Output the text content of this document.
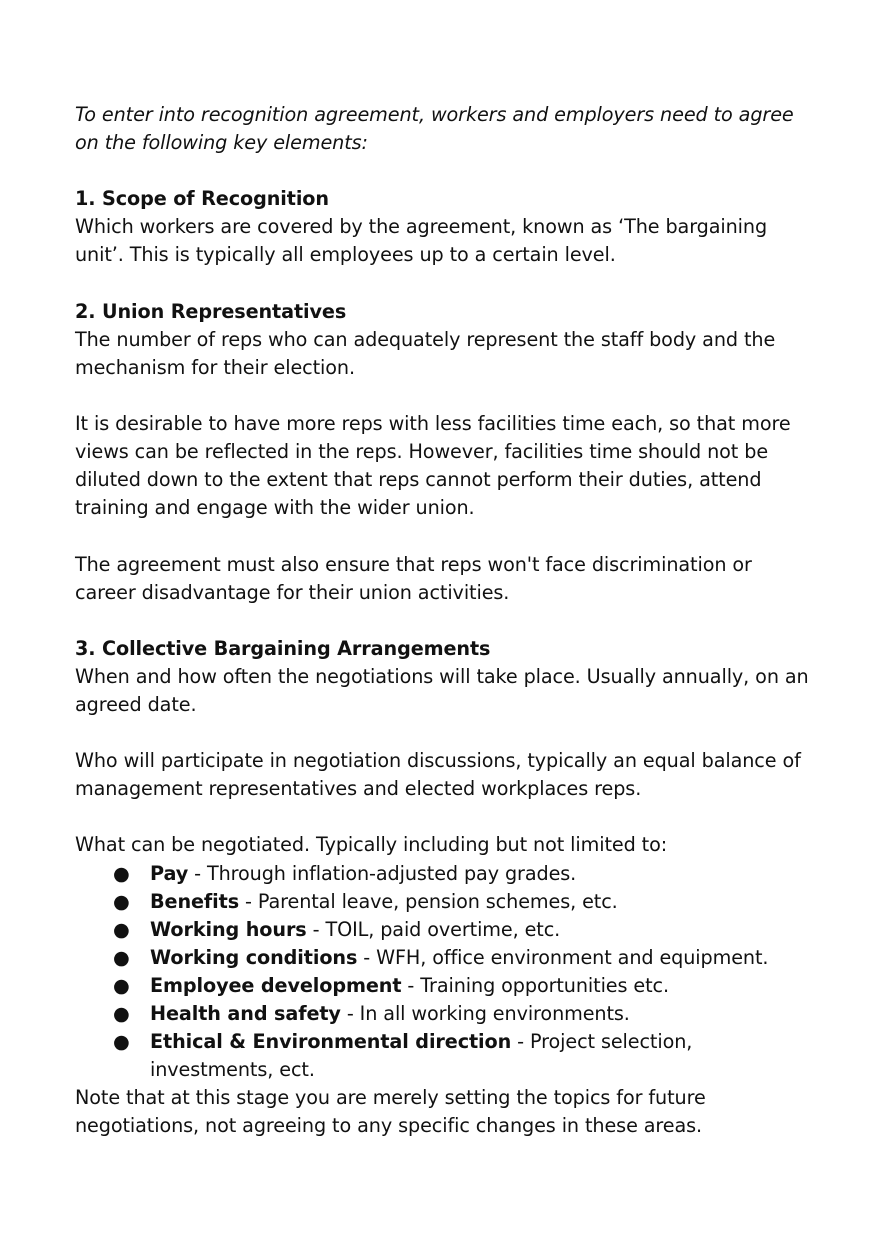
To enter into recognition agreement, workers and employers need to agree on the following key elements:

1. Scope of Recognition

Which workers are covered by the agreement, known as ‘The bargaining unit’. This is typically all employees up to a certain level.

2. Union Representatives

The number of reps who can adequately represent the staff body and the mechanism for their election.

It is desirable to have more reps with less facilities time each, so that more views can be reflected in the reps. However, facilities time should not be diluted down to the extent that reps cannot perform their duties, attend training and engage with the wider union.

The agreement must also ensure that reps won't face discrimination or career disadvantage for their union activities.

3. Collective Bargaining Arrangements

When and how often the negotiations will take place. Usually annually, on an agreed date.

Who will participate in negotiation discussions, typically an equal balance of management representatives and elected workplaces reps.

What can be negotiated. Typically including but not limited to:

● Pay - Through inflation-adjusted pay grades.
● Benefits - Parental leave, pension schemes, etc.
● Working hours - TOIL, paid overtime, etc.
● Working conditions - WFH, office environment and equipment.
● Employee development - Training opportunities etc.
● Health and safety - In all working environments.
● Ethical & Environmental direction - Project selection, investments, ect.

Note that at this stage you are merely setting the topics for future negotiations, not agreeing to any specific changes in these areas.
